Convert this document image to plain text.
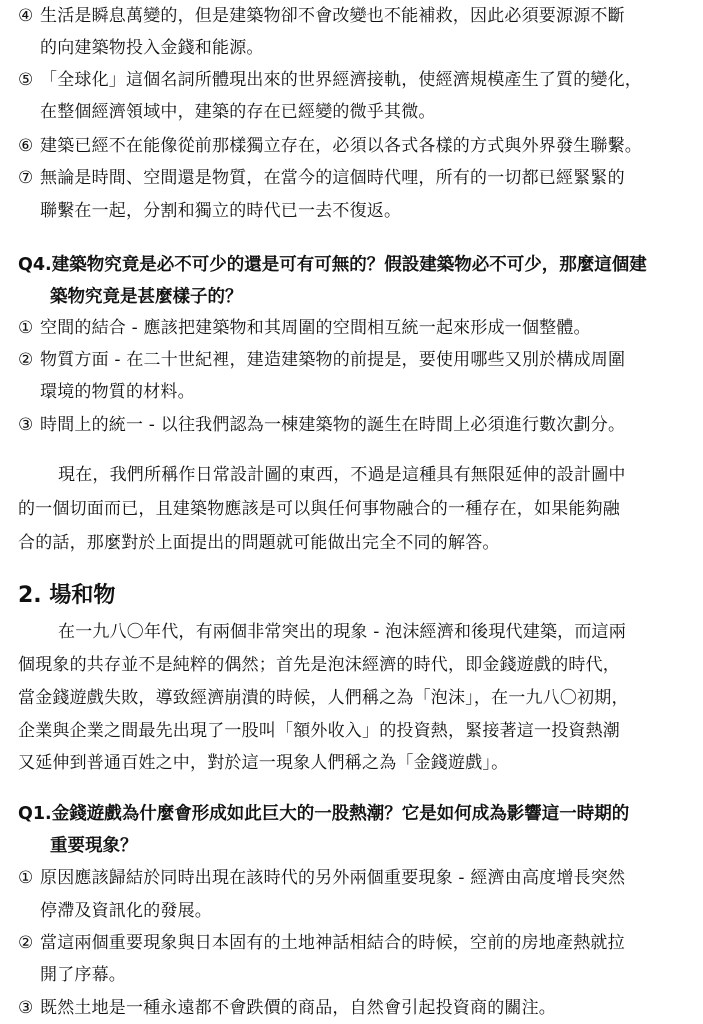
④ 生活是瞬息萬變的，但是建築物卻不會改變也不能補救，因此必須要源源不斷
的向建築物投入金錢和能源。
⑤ 「全球化」這個名詞所體現出來的世界經濟接軌，使經濟規模產生了質的變化，
在整個經濟領域中，建築的存在已經變的微乎其微。
⑥ 建築已經不在能像從前那樣獨立存在，必須以各式各樣的方式與外界發生聯繫。
⑦ 無論是時間、空間還是物質，在當今的這個時代哩，所有的一切都已經緊緊的
聯繫在一起，分割和獨立的時代已一去不復返。
Q4.建築物究竟是必不可少的還是可有可無的？假設建築物必不可少，那麼這個建
築物究竟是甚麼樣子的？
① 空間的結合 - 應該把建築物和其周圍的空間相互統一起來形成一個整體。
② 物質方面 - 在二十世紀裡，建造建築物的前提是，要使用哪些又別於構成周圍
環境的物質的材料。
③ 時間上的統一 - 以往我們認為一棟建築物的誕生在時間上必須進行數次劃分。
現在，我們所稱作日常設計圖的東西，不過是這種具有無限延伸的設計圖中
的一個切面而已，且建築物應該是可以與任何事物融合的一種存在，如果能夠融
合的話，那麼對於上面提出的問題就可能做出完全不同的解答。
2. 場和物
在一九八〇年代，有兩個非常突出的現象 - 泡沫經濟和後現代建築，而這兩
個現象的共存並不是純粹的偶然；首先是泡沫經濟的時代，即金錢遊戲的時代，
當金錢遊戲失敗，導致經濟崩潰的時候，人們稱之為「泡沫」，在一九八〇初期，
企業與企業之間最先出現了一股叫「額外收入」的投資熱，緊接著這一投資熱潮
又延伸到普通百姓之中，對於這一現象人們稱之為「金錢遊戲」。
Q1.金錢遊戲為什麼會形成如此巨大的一股熱潮？它是如何成為影響這一時期的
重要現象？
① 原因應該歸結於同時出現在該時代的另外兩個重要現象 - 經濟由高度增長突然
停滯及資訊化的發展。
② 當這兩個重要現象與日本固有的土地神話相結合的時候，空前的房地產熱就拉
開了序幕。
③ 既然土地是一種永遠都不會跌價的商品，自然會引起投資商的關注。
